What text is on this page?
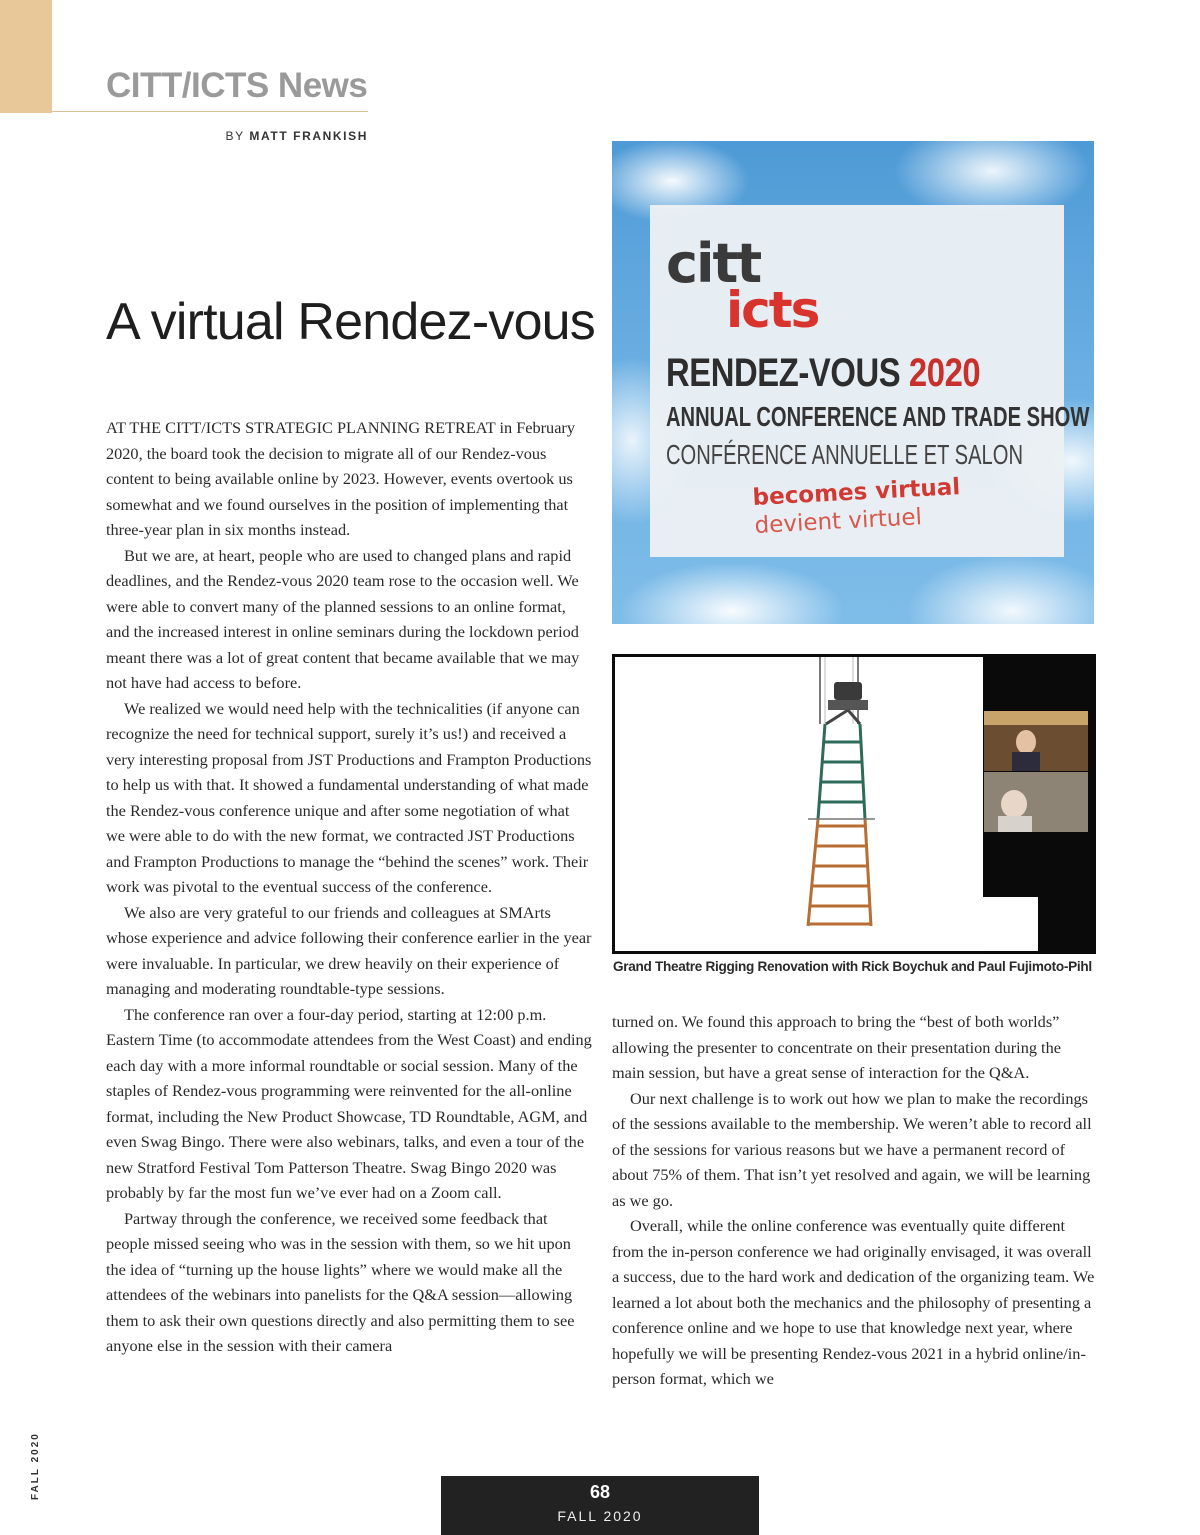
CITT/ICTS News
BY MATT FRANKISH
A virtual Rendez-vous

AT THE CITT/ICTS STRATEGIC PLANNING RETREAT in February 2020, the board took the decision to migrate all of our Rendez-vous content to being available online by 2023. However, events overtook us somewhat and we found ourselves in the position of implementing that three-year plan in six months instead.

But we are, at heart, people who are used to changed plans and rapid deadlines, and the Rendez-vous 2020 team rose to the occasion well. We were able to convert many of the planned sessions to an online format, and the increased interest in online seminars during the lockdown period meant there was a lot of great content that became available that we may not have had access to before.

We realized we would need help with the technicalities (if anyone can recognize the need for technical support, surely it’s us!) and received a very interesting proposal from JST Productions and Frampton Productions to help us with that. It showed a fundamental understanding of what made the Rendez-vous conference unique and after some negotiation of what we were able to do with the new format, we contracted JST Productions and Frampton Productions to manage the “behind the scenes” work. Their work was pivotal to the eventual success of the conference.

We also are very grateful to our friends and colleagues at SMArts whose experience and advice following their conference earlier in the year were invaluable. In particular, we drew heavily on their experience of managing and moderating roundtable-type sessions.

The conference ran over a four-day period, starting at 12:00 p.m. Eastern Time (to accommodate attendees from the West Coast) and ending each day with a more informal roundtable or social session. Many of the staples of Rendez-vous programming were reinvented for the all-online format, including the New Product Showcase, TD Roundtable, AGM, and even Swag Bingo. There were also webinars, talks, and even a tour of the new Stratford Festival Tom Patterson Theatre. Swag Bingo 2020 was probably by far the most fun we’ve ever had on a Zoom call.

Partway through the conference, we received some feedback that people missed seeing who was in the session with them, so we hit upon the idea of “turning up the house lights” where we would make all the attendees of the webinars into panelists for the Q&A session—allowing them to ask their own questions directly and also permitting them to see anyone else in the session with their camera

citt
icts
RENDEZ-VOUS 2020
ANNUAL CONFERENCE AND TRADE SHOW
CONFÉRENCE ANNUELLE ET SALON
becomes virtual
devient virtuel
Grand Theatre Rigging Renovation with Rick Boychuk and Paul Fujimoto-Pihl

turned on. We found this approach to bring the “best of both worlds” allowing the presenter to concentrate on their presentation during the main session, but have a great sense of interaction for the Q&A.

Our next challenge is to work out how we plan to make the recordings of the sessions available to the membership. We weren’t able to record all of the sessions for various reasons but we have a permanent record of about 75% of them. That isn’t yet resolved and again, we will be learning as we go.

Overall, while the online conference was eventually quite different from the in-person conference we had originally envisaged, it was overall a success, due to the hard work and dedication of the organizing team. We learned a lot about both the mechanics and the philosophy of presenting a conference online and we hope to use that knowledge next year, where hopefully we will be presenting Rendez-vous 2021 in a hybrid online/in-person format, which we

FALL 2020	68
FALL 2020
